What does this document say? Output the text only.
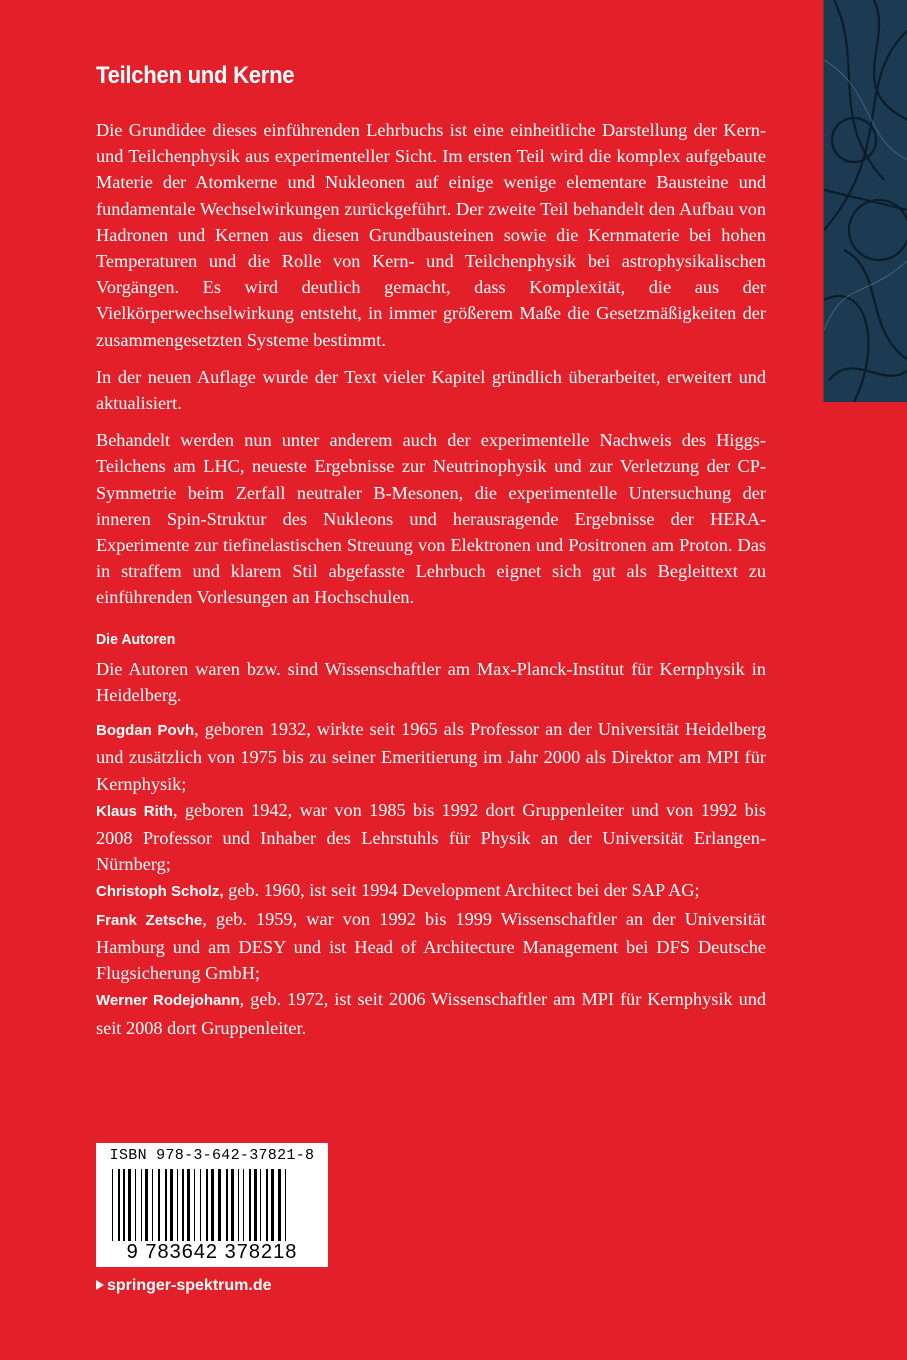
Teilchen und Kerne

Die Grundidee dieses einführenden Lehrbuchs ist eine einheitliche Darstellung der Kern- und Teilchenphysik aus experimenteller Sicht. Im ersten Teil wird die komplex aufgebaute Materie der Atomkerne und Nukleonen auf einige wenige elementare Bausteine und fundamentale Wechselwirkungen zurückgeführt. Der zweite Teil behandelt den Aufbau von Hadronen und Kernen aus diesen Grundbausteinen sowie die Kernmaterie bei hohen Temperaturen und die Rolle von Kern- und Teilchenphysik bei astrophysikalischen Vorgängen. Es wird deutlich gemacht, dass Komplexität, die aus der Vielkörperwechselwirkung entsteht, in immer größerem Maße die Gesetzmäßigkeiten der zusammengesetzten Systeme bestimmt.

In der neuen Auflage wurde der Text vieler Kapitel gründlich überarbeitet, erweitert und aktualisiert.

Behandelt werden nun unter anderem auch der experimentelle Nachweis des Higgs-Teilchens am LHC, neueste Ergebnisse zur Neutrinophysik und zur Verletzung der CP-Symmetrie beim Zerfall neutraler B-Mesonen, die experimentelle Untersuchung der inneren Spin-Struktur des Nukleons und herausragende Ergebnisse der HERA-Experimente zur tiefinelastischen Streuung von Elektronen und Positronen am Proton. Das in straffem und klarem Stil abgefasste Lehrbuch eignet sich gut als Begleittext zu einführenden Vorlesungen an Hochschulen.

Die Autoren

Die Autoren waren bzw. sind Wissenschaftler am Max-Planck-Institut für Kernphysik in Heidelberg.

Bogdan Povh, geboren 1932, wirkte seit 1965 als Professor an der Universität Heidelberg und zusätzlich von 1975 bis zu seiner Emeritierung im Jahr 2000 als Direktor am MPI für Kernphysik;

Klaus Rith, geboren 1942, war von 1985 bis 1992 dort Gruppenleiter und von 1992 bis 2008 Professor und Inhaber des Lehrstuhls für Physik an der Universität Erlangen-Nürnberg;

Christoph Scholz, geb. 1960, ist seit 1994 Development Architect bei der SAP AG;

Frank Zetsche, geb. 1959, war von 1992 bis 1999 Wissenschaftler an der Universität Hamburg und am DESY und ist Head of Architecture Management bei DFS Deutsche Flugsicherung GmbH;

Werner Rodejohann, geb. 1972, ist seit 2006 Wissenschaftler am MPI für Kernphysik und seit 2008 dort Gruppenleiter.

ISBN 978-3-642-37821-8
9 783642 378218
springer-spektrum.de
